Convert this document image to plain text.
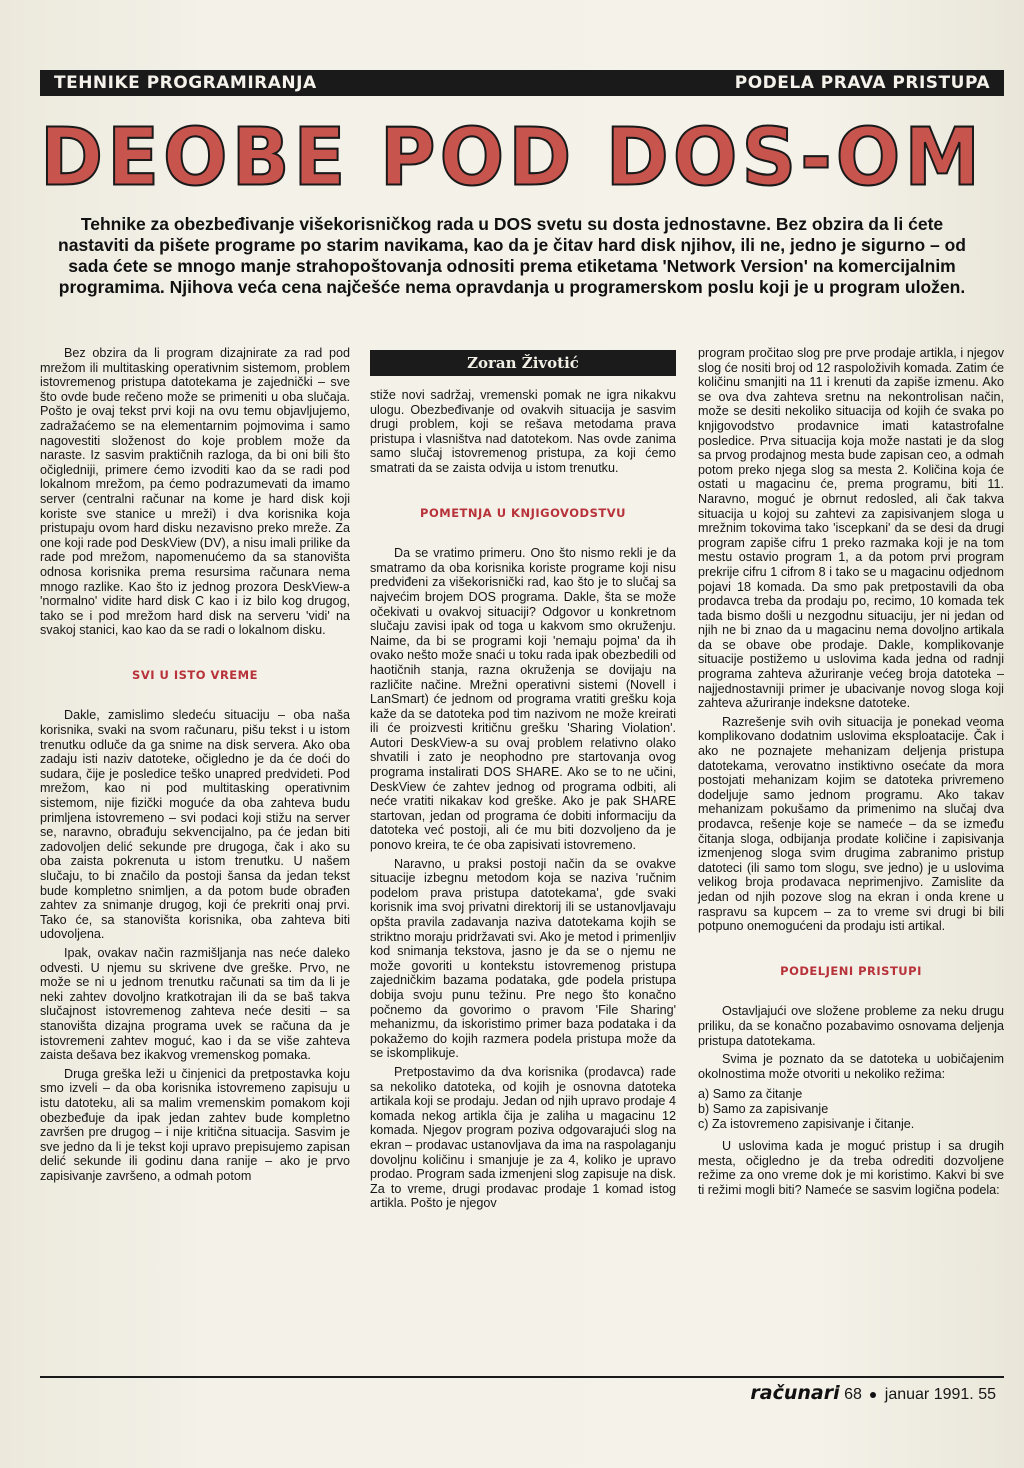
TEHNIKE PROGRAMIRANJA	PODELA PRAVA PRISTUPA
DEOBE POD DOS-OM
Tehnike za obezbeđivanje višekorisničkog rada u DOS svetu su dosta jednostavne. Bez obzira da li ćete nastaviti da pišete programe po starim navikama, kao da je čitav hard disk njihov, ili ne, jedno je sigurno – od sada ćete se mnogo manje strahopoštovanja odnositi prema etiketama 'Network Version' na komercijalnim programima. Njihova veća cena najčešće nema opravdanja u programerskom poslu koji je u program uložen.

Bez obzira da li program dizajnirate za rad pod mrežom ili multitasking operativnim sistemom, problem istovremenog pristupa datotekama je zajednički – sve što ovde bude rečeno može se primeniti u oba slučaja. Pošto je ovaj tekst prvi koji na ovu temu objavljujemo, zadražaćemo se na elementarnim pojmovima i samo nagovestiti složenost do koje problem može da naraste. Iz sasvim praktičnih razloga, da bi oni bili što očigledniji, primere ćemo izvoditi kao da se radi pod lokalnom mrežom, pa ćemo podrazumevati da imamo server (centralni računar na kome je hard disk koji koriste sve stanice u mreži) i dva korisnika koja pristupaju ovom hard disku nezavisno preko mreže. Za one koji rade pod DeskView (DV), a nisu imali prilike da rade pod mrežom, napomenućemo da sa stanovišta odnosa korisnika prema resursima računara nema mnogo razlike. Kao što iz jednog prozora DeskView-a 'normalno' vidite hard disk C kao i iz bilo kog drugog, tako se i pod mrežom hard disk na serveru 'vidi' na svakoj stanici, kao kao da se radi o lokalnom disku.

SVI U ISTO VREME

Dakle, zamislimo sledeću situaciju – oba naša korisnika, svaki na svom računaru, pišu tekst i u istom trenutku odluče da ga snime na disk servera. Ako oba zadaju isti naziv datoteke, očigledno je da će doći do sudara, čije je posledice teško unapred predvideti. Pod mrežom, kao ni pod multitasking operativnim sistemom, nije fizički moguće da oba zahteva budu primljena istovremeno – svi podaci koji stižu na server se, naravno, obrađuju sekvencijalno, pa će jedan biti zadovoljen delić sekunde pre drugoga, čak i ako su oba zaista pokrenuta u istom trenutku. U našem slučaju, to bi značilo da postoji šansa da jedan tekst bude kompletno snimljen, a da potom bude obrađen zahtev za snimanje drugog, koji će prekriti onaj prvi. Tako će, sa stanovišta korisnika, oba zahteva biti udovoljena.

Ipak, ovakav način razmišljanja nas neće daleko odvesti. U njemu su skrivene dve greške. Prvo, ne može se ni u jednom trenutku računati sa tim da li je neki zahtev dovoljno kratkotrajan ili da se baš takva slučajnost istovremenog zahteva neće desiti – sa stanovišta dizajna programa uvek se računa da je istovremeni zahtev moguć, kao i da se više zahteva zaista dešava bez ikakvog vremenskog pomaka.

Druga greška leži u činjenici da pretpostavka koju smo izveli – da oba korisnika istovremeno zapisuju u istu datoteku, ali sa malim vremenskim pomakom koji obezbeđuje da ipak jedan zahtev bude kompletno završen pre drugog – i nije kritična situacija. Sasvim je sve jedno da li je tekst koji upravo prepisujemo zapisan delić sekunde ili godinu dana ranije – ako je prvo zapisivanje završeno, a odmah potom

Zoran Životić

stiže novi sadržaj, vremenski pomak ne igra nikakvu ulogu. Obezbeđivanje od ovakvih situacija je sasvim drugi problem, koji se rešava metodama prava pristupa i vlasništva nad datotekom. Nas ovde zanima samo slučaj istovremenog pristupa, za koji ćemo smatrati da se zaista odvija u istom trenutku.

POMETNJA U KNJIGOVODSTVU

Da se vratimo primeru. Ono što nismo rekli je da smatramo da oba korisnika koriste programe koji nisu predviđeni za višekorisnički rad, kao što je to slučaj sa najvećim brojem DOS programa. Dakle, šta se može očekivati u ovakvoj situaciji? Odgovor u konkretnom slučaju zavisi ipak od toga u kakvom smo okruženju. Naime, da bi se programi koji 'nemaju pojma' da ih ovako nešto može snaći u toku rada ipak obezbedili od haotičnih stanja, razna okruženja se dovijaju na različite načine. Mrežni operativni sistemi (Novell i LanSmart) će jednom od programa vratiti grešku koja kaže da se datoteka pod tim nazivom ne može kreirati ili će proizvesti kritičnu grešku 'Sharing Violation'. Autori DeskView-a su ovaj problem relativno olako shvatili i zato je neophodno pre startovanja ovog programa instalirati DOS SHARE. Ako se to ne učini, DeskView će zahtev jednog od programa odbiti, ali neće vratiti nikakav kod greške. Ako je pak SHARE startovan, jedan od programa će dobiti informaciju da datoteka već postoji, ali će mu biti dozvoljeno da je ponovo kreira, te će oba zapisivati istovremeno.

Naravno, u praksi postoji način da se ovakve situacije izbegnu metodom koja se naziva 'ručnim podelom prava pristupa datotekama', gde svaki korisnik ima svoj privatni direktorij ili se ustanovljavaju opšta pravila zadavanja naziva datotekama kojih se striktno moraju pridržavati svi. Ako je metod i primenljiv kod snimanja tekstova, jasno je da se o njemu ne može govoriti u kontekstu istovremenog pristupa zajedničkim bazama podataka, gde podela pristupa dobija svoju punu težinu. Pre nego što konačno počnemo da govorimo o pravom 'File Sharing' mehanizmu, da iskoristimo primer baza podataka i da pokažemo do kojih razmera podela pristupa može da se iskomplikuje.

Pretpostavimo da dva korisnika (prodavca) rade sa nekoliko datoteka, od kojih je osnovna datoteka artikala koji se prodaju. Jedan od njih upravo prodaje 4 komada nekog artikla čija je zaliha u magacinu 12 komada. Njegov program poziva odgovarajući slog na ekran – prodavac ustanovljava da ima na raspolaganju dovoljnu količinu i smanjuje je za 4, koliko je upravo prodao. Program sada izmenjeni slog zapisuje na disk. Za to vreme, drugi prodavac prodaje 1 komad istog artikla. Pošto je njegov

program pročitao slog pre prve prodaje artikla, i njegov slog će nositi broj od 12 raspoloživih komada. Zatim će količinu smanjiti na 11 i krenuti da zapiše izmenu. Ako se ova dva zahteva sretnu na nekontrolisan način, može se desiti nekoliko situacija od kojih će svaka po knjigovodstvo prodavnice imati katastrofalne posledice. Prva situacija koja može nastati je da slog sa prvog prodajnog mesta bude zapisan ceo, a odmah potom preko njega slog sa mesta 2. Količina koja će ostati u magacinu će, prema programu, biti 11. Naravno, moguć je obrnut redosled, ali čak takva situacija u kojoj su zahtevi za zapisivanjem sloga u mrežnim tokovima tako 'iscepkani' da se desi da drugi program zapiše cifru 1 preko razmaka koji je na tom mestu ostavio program 1, a da potom prvi program prekrije cifru 1 cifrom 8 i tako se u magacinu odjednom pojavi 18 komada. Da smo pak pretpostavili da oba prodavca treba da prodaju po, recimo, 10 komada tek tada bismo došli u nezgodnu situaciju, jer ni jedan od njih ne bi znao da u magacinu nema dovoljno artikala da se obave obe prodaje. Dakle, komplikovanje situacije postižemo u uslovima kada jedna od radnji programa zahteva ažuriranje većeg broja datoteka – najjednostavniji primer je ubacivanje novog sloga koji zahteva ažuriranje indeksne datoteke.

Razrešenje svih ovih situacija je ponekad veoma komplikovano dodatnim uslovima eksploatacije. Čak i ako ne poznajete mehanizam deljenja pristupa datotekama, verovatno instiktivno osećate da mora postojati mehanizam kojim se datoteka privremeno dodeljuje samo jednom programu. Ako takav mehanizam pokušamo da primenimo na slučaj dva prodavca, rešenje koje se nameće – da se između čitanja sloga, odbijanja prodate količine i zapisivanja izmenjenog sloga svim drugima zabranimo pristup datoteci (ili samo tom slogu, sve jedno) je u uslovima velikog broja prodavaca neprimenjivo. Zamislite da jedan od njih pozove slog na ekran i onda krene u raspravu sa kupcem – za to vreme svi drugi bi bili potpuno onemogućeni da prodaju isti artikal.

PODELJENI PRISTUPI

Ostavljajući ove složene probleme za neku drugu priliku, da se konačno pozabavimo osnovama deljenja pristupa datotekama.

Svima je poznato da se datoteka u uobičajenim okolnostima može otvoriti u nekoliko režima:

a) Samo za čitanje
b) Samo za zapisivanje
c) Za istovremeno zapisivanje i čitanje.

U uslovima kada je moguć pristup i sa drugih mesta, očigledno je da treba odrediti dozvoljene režime za ono vreme dok je mi koristimo. Kakvi bi sve ti režimi mogli biti? Nameće se sasvim logična podela:

računari 68 januar 1991. 55
